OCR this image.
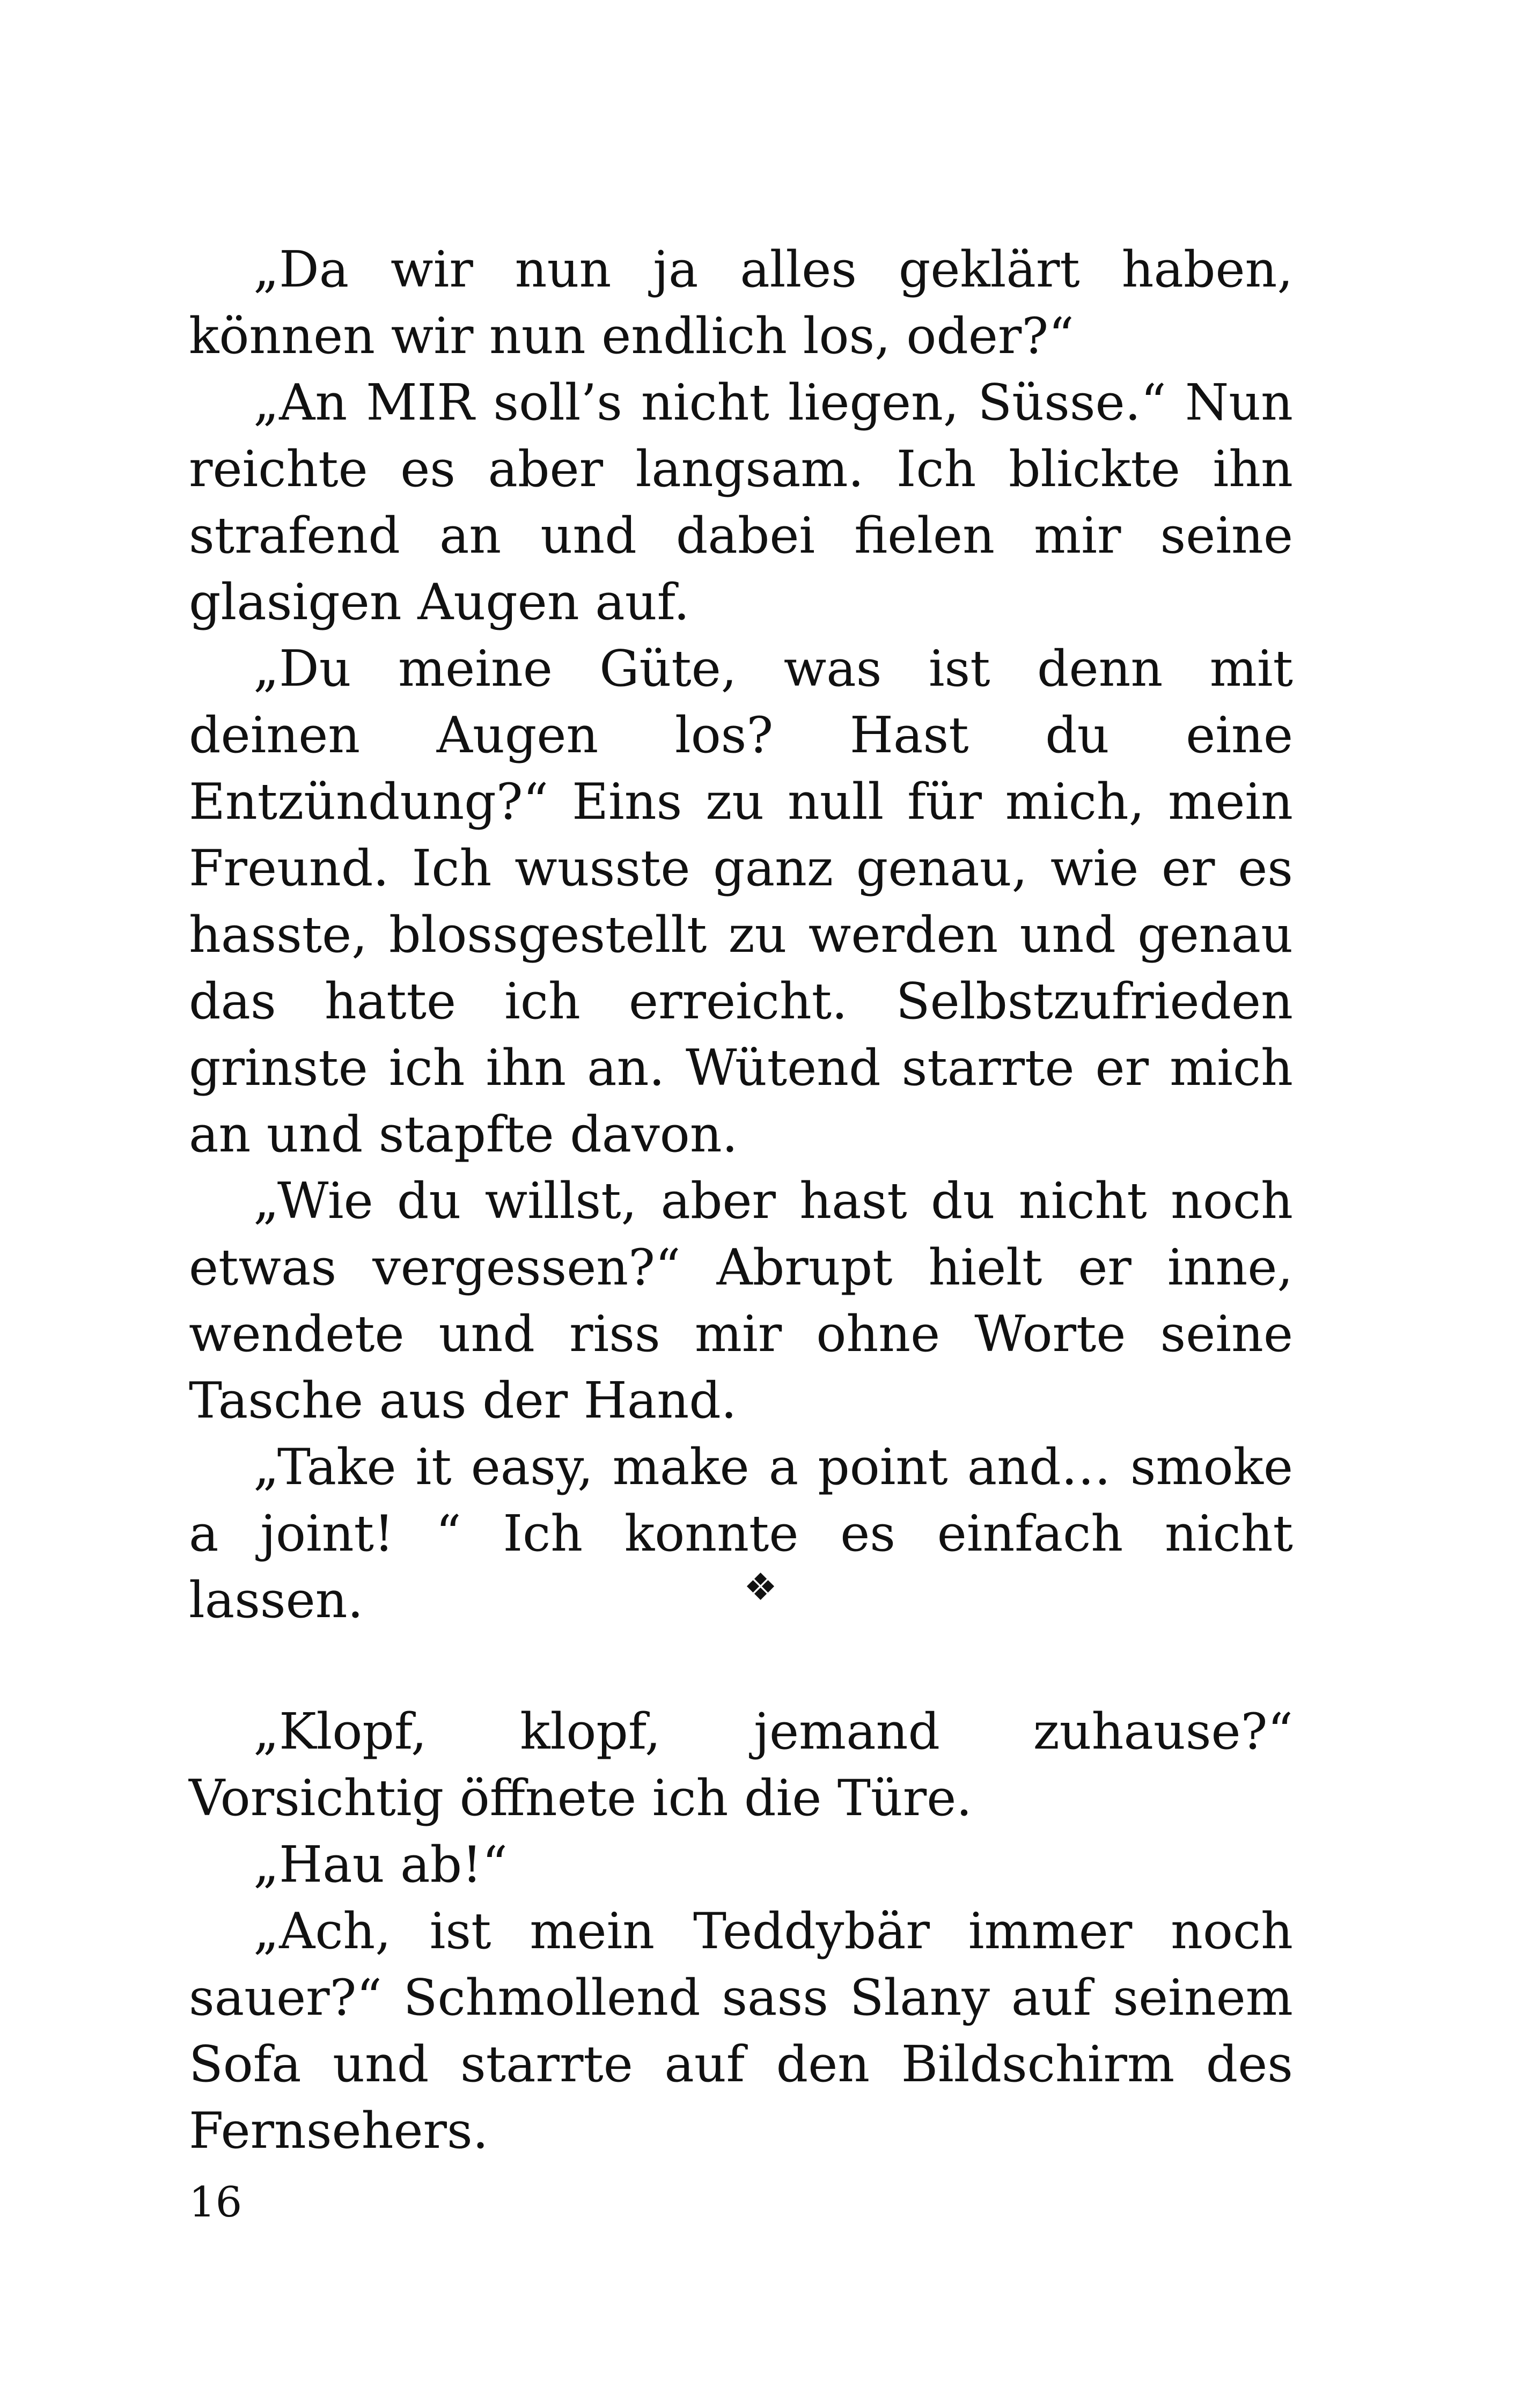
„Da wir nun ja alles geklärt haben, können wir nun endlich los, oder?“

„An MIR soll’s nicht liegen, Süsse.“ Nun reichte es aber langsam. Ich blickte ihn strafend an und dabei fielen mir seine glasigen Augen auf.

„Du meine Güte, was ist denn mit deinen Augen los? Hast du eine Entzündung?“ Eins zu null für mich, mein Freund. Ich wusste ganz genau, wie er es hasste, blossgestellt zu werden und genau das hatte ich erreicht. Selbstzufrieden grinste ich ihn an. Wütend starrte er mich an und stapfte davon.

„Wie du willst, aber hast du nicht noch etwas vergessen?“ Abrupt hielt er inne, wendete und riss mir ohne Worte seine Tasche aus der Hand.

„Take it easy, make a point and… smoke a joint! “ Ich konnte es einfach nicht lassen.	❖

„Klopf, klopf, jemand zuhause?“ Vorsichtig öffnete ich die Türe.

„Hau ab!“

„Ach, ist mein Teddybär immer noch sauer?“ Schmollend sass Slany auf seinem Sofa und starrte auf den Bildschirm des Fernsehers.

16
